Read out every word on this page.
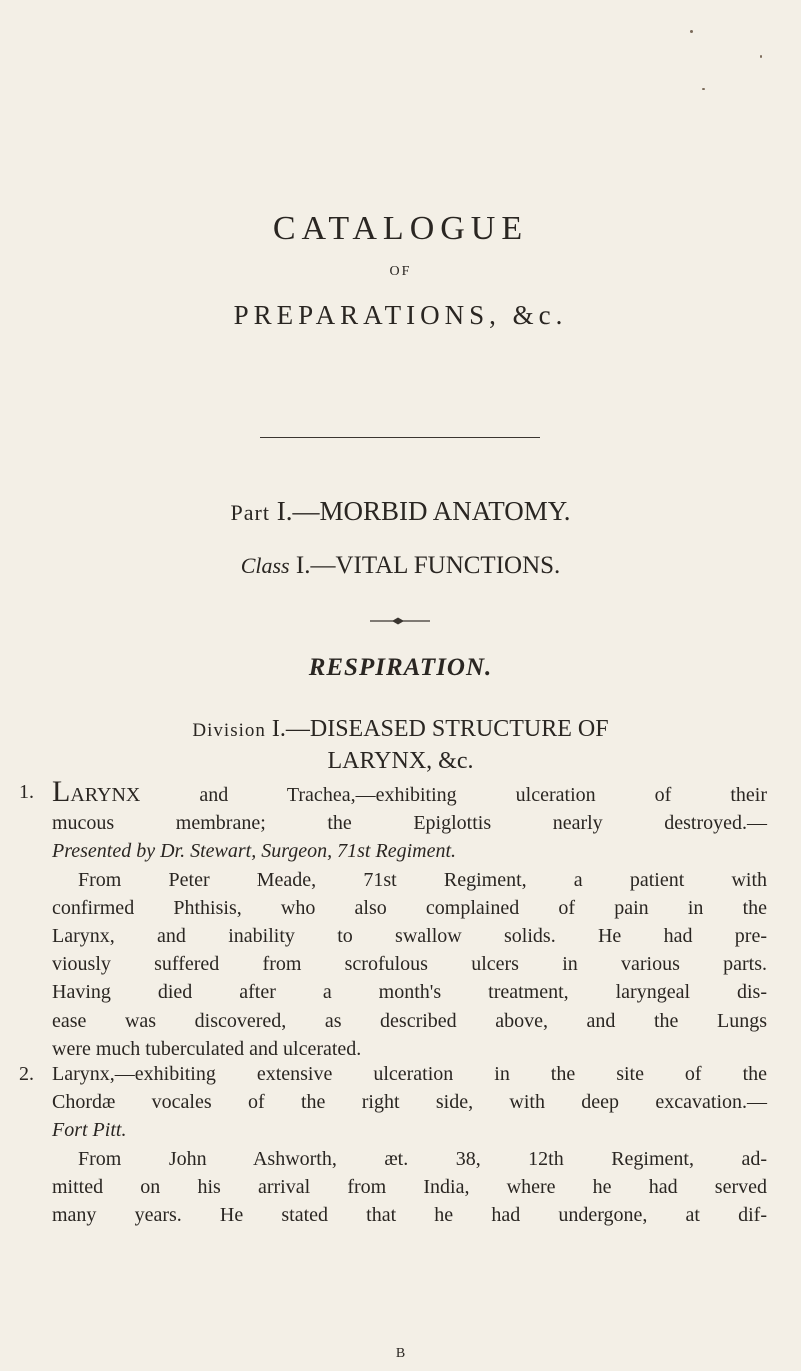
CATALOGUE
OF
PREPARATIONS, &c.
Part I.—MORBID ANATOMY.
Class I.—VITAL FUNCTIONS.
RESPIRATION.
Division I.—DISEASED STRUCTURE OF
LARYNX, &c.
1. LARYNX and Trachea,—exhibiting ulceration of their
mucous membrane; the Epiglottis nearly destroyed.—
Presented by Dr. Stewart, Surgeon, 71st Regiment.
From Peter Meade, 71st Regiment, a patient with
confirmed Phthisis, who also complained of pain in the
Larynx, and inability to swallow solids. He had pre-
viously suffered from scrofulous ulcers in various parts.
Having died after a month's treatment, laryngeal dis-
ease was discovered, as described above, and the Lungs
were much tuberculated and ulcerated.
2. Larynx,—exhibiting extensive ulceration in the site of the
Chordæ vocales of the right side, with deep excavation.—
Fort Pitt.
From John Ashworth, æt. 38, 12th Regiment, ad-
mitted on his arrival from India, where he had served
many years. He stated that he had undergone, at dif-
B
